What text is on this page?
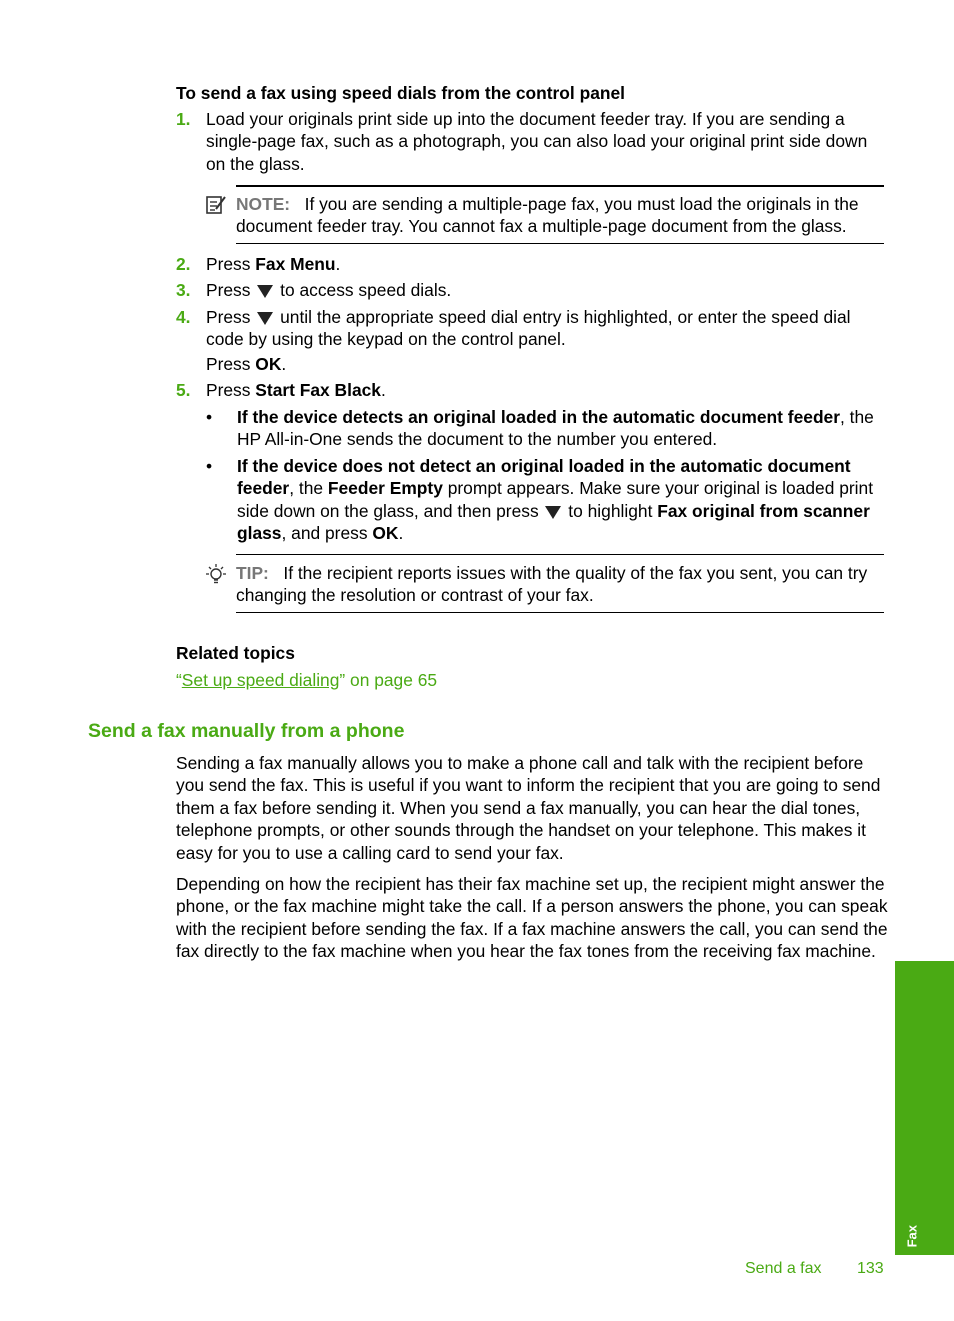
To send a fax using speed dials from the control panel
1. Load your originals print side up into the document feeder tray. If you are sending a single-page fax, such as a photograph, you can also load your original print side down on the glass.
NOTE: If you are sending a multiple-page fax, you must load the originals in the document feeder tray. You cannot fax a multiple-page document from the glass.
2. Press Fax Menu.
3. Press  to access speed dials.
4. Press  until the appropriate speed dial entry is highlighted, or enter the speed dial code by using the keypad on the control panel.
Press OK.
5. Press Start Fax Black.
• If the device detects an original loaded in the automatic document feeder, the HP All-in-One sends the document to the number you entered.
• If the device does not detect an original loaded in the automatic document feeder, the Feeder Empty prompt appears. Make sure your original is loaded print side down on the glass, and then press  to highlight Fax original from scanner glass, and press OK.
TIP: If the recipient reports issues with the quality of the fax you sent, you can try changing the resolution or contrast of your fax.
Related topics
“Set up speed dialing” on page 65
Send a fax manually from a phone
Sending a fax manually allows you to make a phone call and talk with the recipient before you send the fax. This is useful if you want to inform the recipient that you are going to send them a fax before sending it. When you send a fax manually, you can hear the dial tones, telephone prompts, or other sounds through the handset on your telephone. This makes it easy for you to use a calling card to send your fax.
Depending on how the recipient has their fax machine set up, the recipient might answer the phone, or the fax machine might take the call. If a person answers the phone, you can speak with the recipient before sending the fax. If a fax machine answers the call, you can send the fax directly to the fax machine when you hear the fax tones from the receiving fax machine.
Fax
Send a fax 133
